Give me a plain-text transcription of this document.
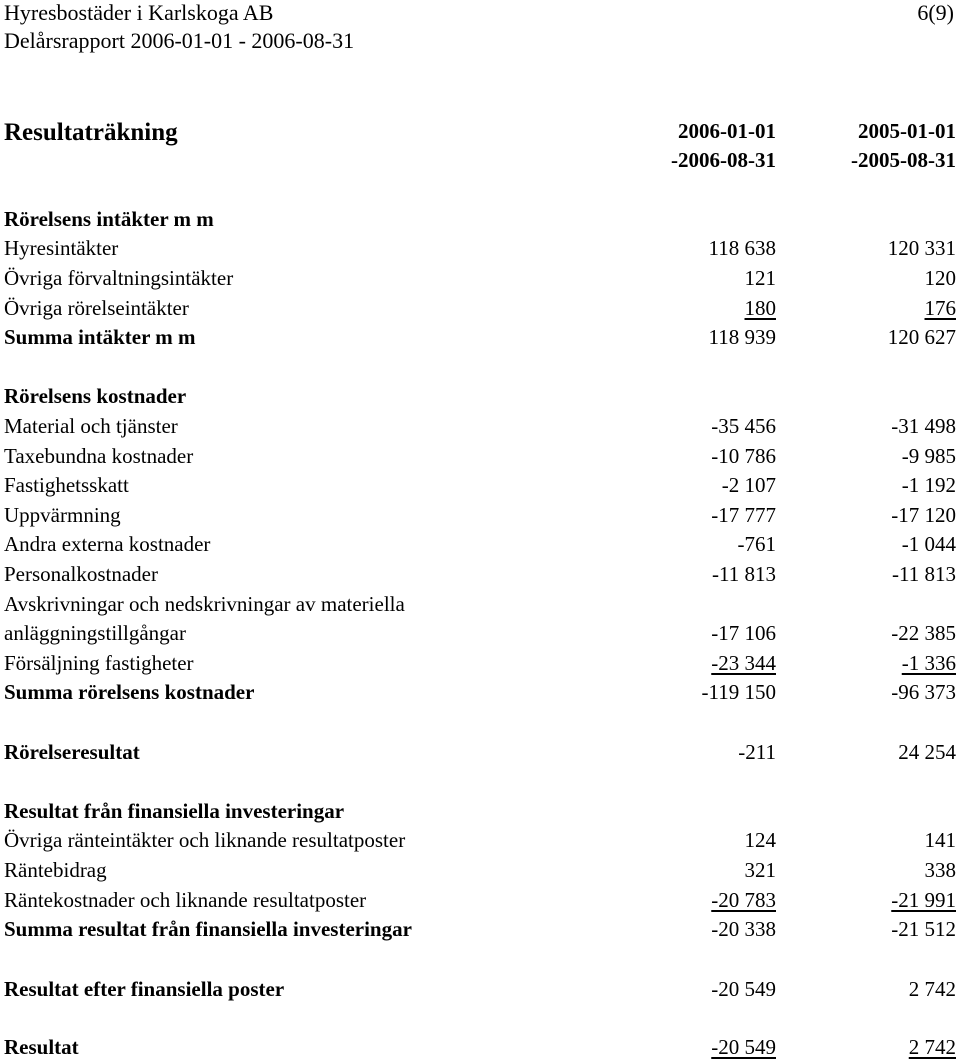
Hyresbostäder i Karlskoga AB
Delårsrapport 2006-01-01 - 2006-08-31
6(9)
Resultaträkning	2006-01-01	2005-01-01
-2006-08-31	-2005-08-31
Rörelsens intäkter m m
Hyresintäkter	118 638	120 331
Övriga förvaltningsintäkter	121	120
Övriga rörelseintäkter	180	176
Summa intäkter m m	118 939	120 627
Rörelsens kostnader
Material och tjänster	-35 456	-31 498
Taxebundna kostnader	-10 786	-9 985
Fastighetsskatt	-2 107	-1 192
Uppvärmning	-17 777	-17 120
Andra externa kostnader	-761	-1 044
Personalkostnader	-11 813	-11 813
Avskrivningar och nedskrivningar av materiella
anläggningstillgångar	-17 106	-22 385
Försäljning fastigheter	-23 344	-1 336
Summa rörelsens kostnader	-119 150	-96 373
Rörelseresultat	-211	24 254
Resultat från finansiella investeringar
Övriga ränteintäkter och liknande resultatposter	124	141
Räntebidrag	321	338
Räntekostnader och liknande resultatposter	-20 783	-21 991
Summa resultat från finansiella investeringar	-20 338	-21 512
Resultat efter finansiella poster	-20 549	2 742
Resultat	-20 549	2 742
